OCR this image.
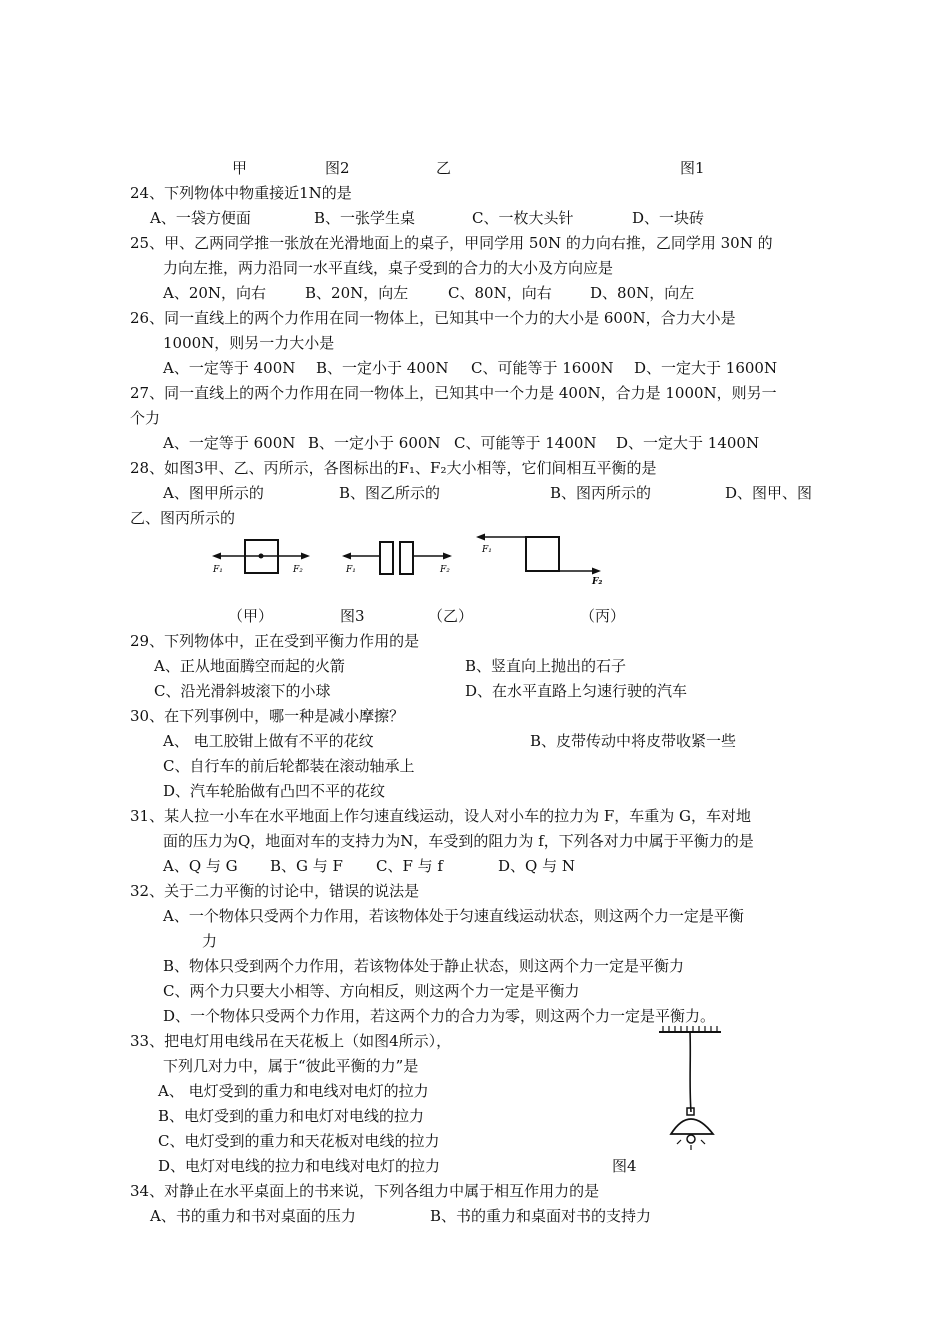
甲	图2	乙	图1
24、下列物体中物重接近1N的是
A、一袋方便面	B、一张学生桌	C、一枚大头针	D、一块砖
25、甲、乙两同学推一张放在光滑地面上的桌子，甲同学用 50N 的力向右推，乙同学用 30N 的
力向左推，两力沿同一水平直线，桌子受到的合力的大小及方向应是
A、20N，向右	B、20N，向左	C、80N，向右	D、80N，向左
26、同一直线上的两个力作用在同一物体上，已知其中一个力的大小是 600N，合力大小是
1000N，则另一力大小是
A、一定等于 400N B、一定小于 400N C、可能等于 1600N D、一定大于 1600N
27、同一直线上的两个力作用在同一物体上，已知其中一个力是 400N，合力是 1000N，则另一
个力
A、一定等于 600N B、一定小于 600N C、可能等于 1400N D、一定大于 1400N
28、如图3甲、乙、丙所示，各图标出的F₁、F₂大小相等，它们间相互平衡的是
A、图甲所示的	B、图乙所示的	B、图丙所示的	D、图甲、图
乙、图丙所示的
F₁	F₂	F₁	F₂
F₁
F₂
（甲）	图3	（乙）	（丙）
29、下列物体中，正在受到平衡力作用的是
A、正从地面腾空而起的火箭	B、竖直向上抛出的石子
C、沿光滑斜坡滚下的小球	D、在水平直路上匀速行驶的汽车
30、在下列事例中，哪一种是减小摩擦？
A、 电工胶钳上做有不平的花纹	B、皮带传动中将皮带收紧一些
C、自行车的前后轮都装在滚动轴承上
D、汽车轮胎做有凸凹不平的花纹
31、某人拉一小车在水平地面上作匀速直线运动，设人对小车的拉力为 F，车重为 G，车对地
面的压力为Q，地面对车的支持力为N，车受到的阻力为 f，下列各对力中属于平衡力的是
A、Q 与 G B、G 与 F C、F 与 f	D、Q 与 N
32、关于二力平衡的讨论中，错误的说法是
A、一个物体只受两个力作用，若该物体处于匀速直线运动状态，则这两个力一定是平衡
力
B、物体只受到两个力作用，若该物体处于静止状态，则这两个力一定是平衡力
C、两个力只要大小相等、方向相反，则这两个力一定是平衡力
D、一个物体只受两个力作用，若这两个力的合力为零，则这两个力一定是平衡力。
33、把电灯用电线吊在天花板上（如图4所示），
下列几对力中，属于“彼此平衡的力”是
A、 电灯受到的重力和电线对电灯的拉力
B、电灯受到的重力和电灯对电线的拉力
C、电灯受到的重力和天花板对电线的拉力
D、电灯对电线的拉力和电线对电灯的拉力	图4
34、对静止在水平桌面上的书来说，下列各组力中属于相互作用力的是
A、书的重力和书对桌面的压力	B、书的重力和桌面对书的支持力
